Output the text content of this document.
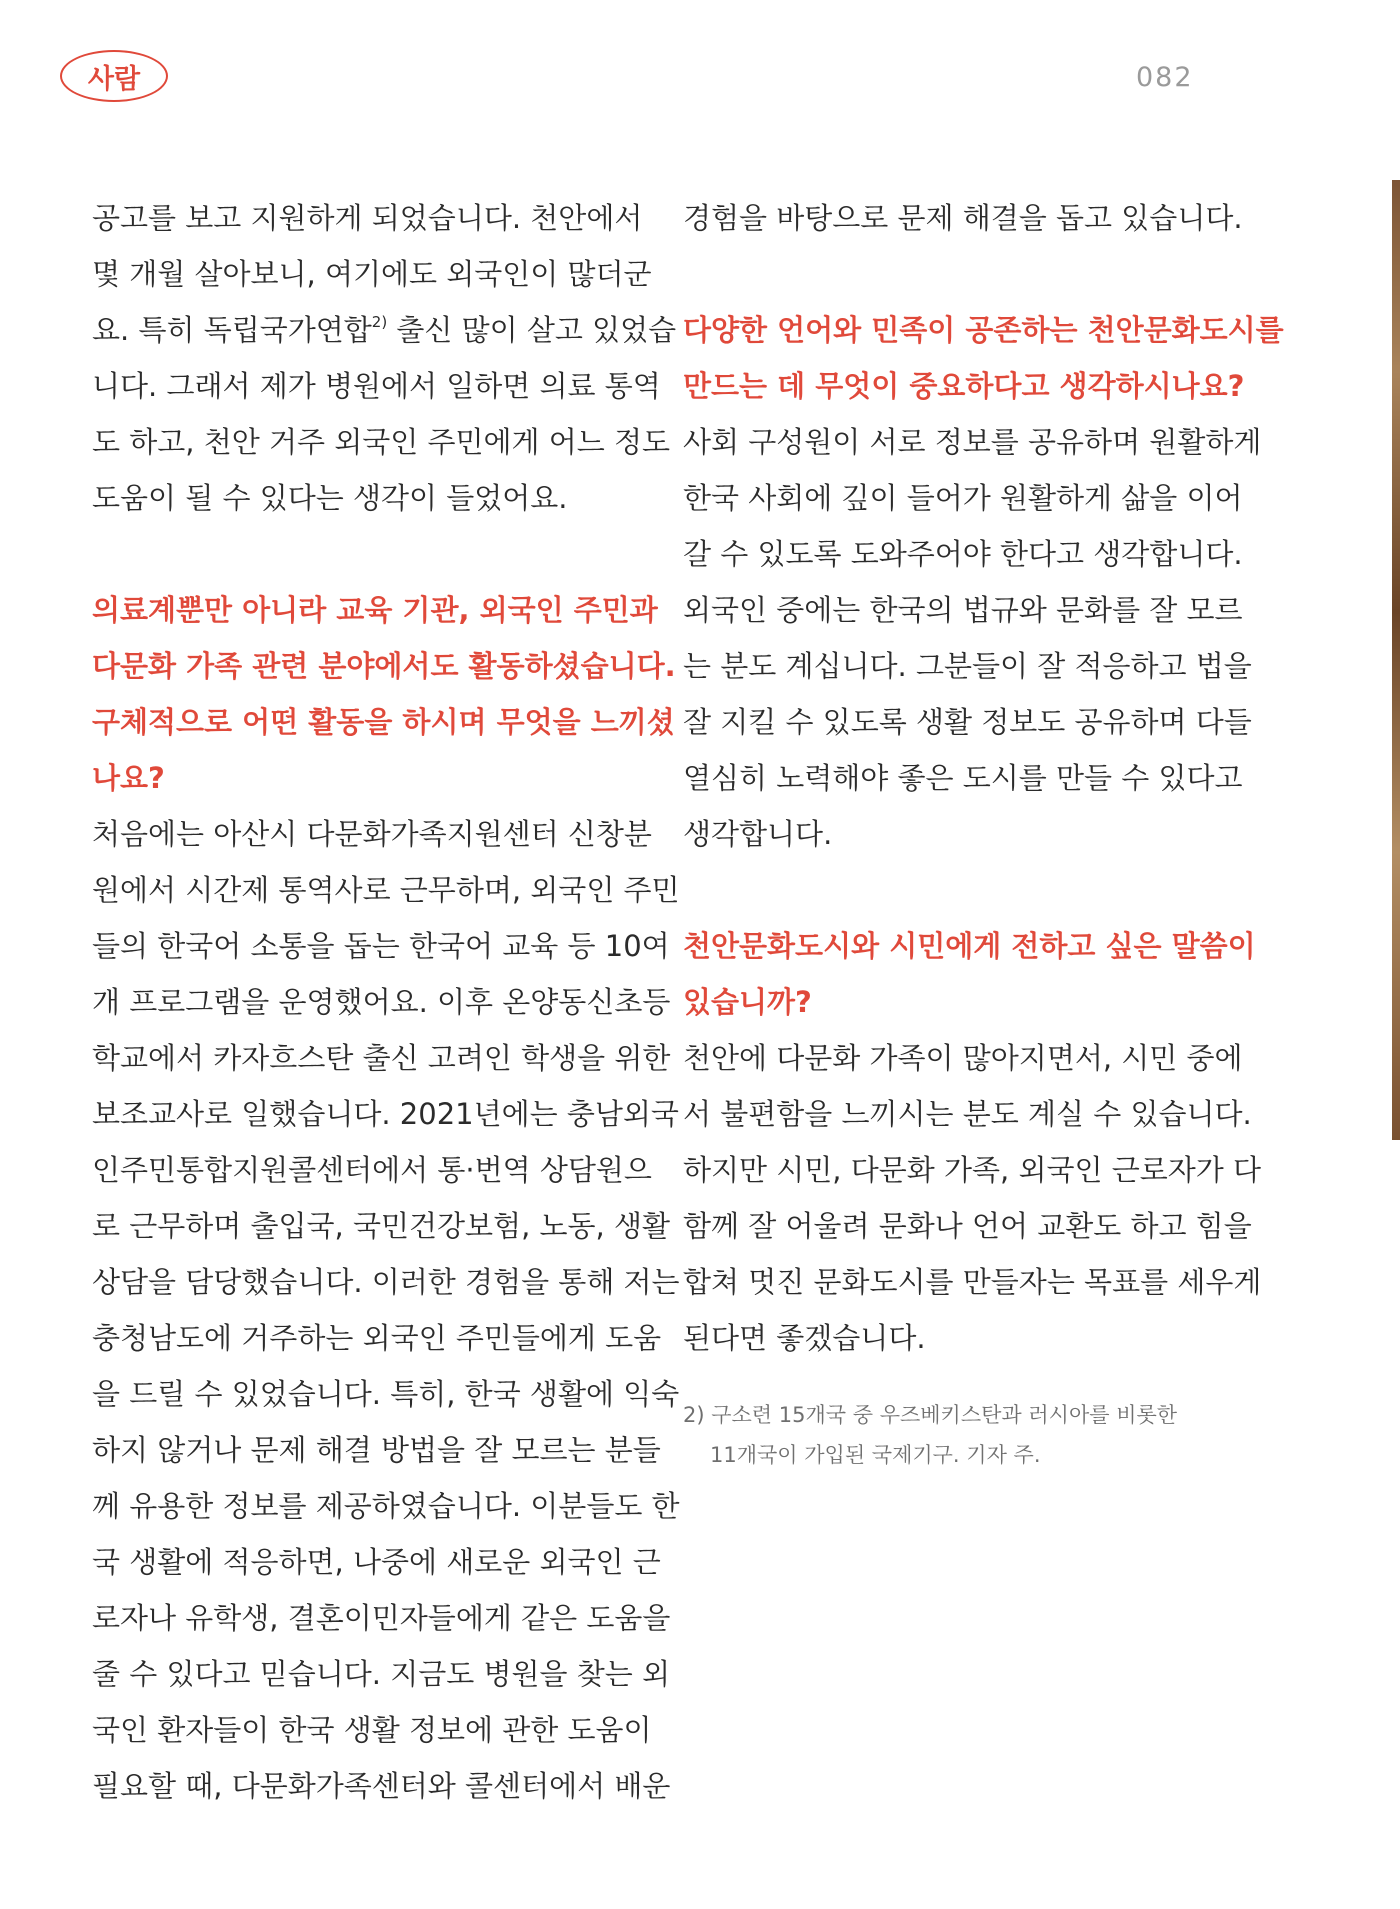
사람	082
공고를 보고 지원하게 되었습니다. 천안에서
몇 개월 살아보니, 여기에도 외국인이 많더군
요. 특히 독립국가연합$^{2)}$ 출신 많이 살고 있었습
니다. 그래서 제가 병원에서 일하면 의료 통역
도 하고, 천안 거주 외국인 주민에게 어느 정도
도움이 될 수 있다는 생각이 들었어요.
의료계뿐만 아니라 교육 기관, 외국인 주민과
다문화 가족 관련 분야에서도 활동하셨습니다.
구체적으로 어떤 활동을 하시며 무엇을 느끼셨
나요?
처음에는 아산시 다문화가족지원센터 신창분
원에서 시간제 통역사로 근무하며, 외국인 주민
들의 한국어 소통을 돕는 한국어 교육 등 10여
개 프로그램을 운영했어요. 이후 온양동신초등
학교에서 카자흐스탄 출신 고려인 학생을 위한
보조교사로 일했습니다. 2021년에는 충남외국
인주민통합지원콜센터에서 통·번역 상담원으
로 근무하며 출입국, 국민건강보험, 노동, 생활
상담을 담당했습니다. 이러한 경험을 통해 저는
충청남도에 거주하는 외국인 주민들에게 도움
을 드릴 수 있었습니다. 특히, 한국 생활에 익숙
하지 않거나 문제 해결 방법을 잘 모르는 분들
께 유용한 정보를 제공하였습니다. 이분들도 한
국 생활에 적응하면, 나중에 새로운 외국인 근
로자나 유학생, 결혼이민자들에게 같은 도움을
줄 수 있다고 믿습니다. 지금도 병원을 찾는 외
국인 환자들이 한국 생활 정보에 관한 도움이
필요할 때, 다문화가족센터와 콜센터에서 배운
경험을 바탕으로 문제 해결을 돕고 있습니다.
다양한 언어와 민족이 공존하는 천안문화도시를
만드는 데 무엇이 중요하다고 생각하시나요?
사회 구성원이 서로 정보를 공유하며 원활하게
한국 사회에 깊이 들어가 원활하게 삶을 이어
갈 수 있도록 도와주어야 한다고 생각합니다.
외국인 중에는 한국의 법규와 문화를 잘 모르
는 분도 계십니다. 그분들이 잘 적응하고 법을
잘 지킬 수 있도록 생활 정보도 공유하며 다들
열심히 노력해야 좋은 도시를 만들 수 있다고
생각합니다.
천안문화도시와 시민에게 전하고 싶은 말씀이
있습니까?
천안에 다문화 가족이 많아지면서, 시민 중에
서 불편함을 느끼시는 분도 계실 수 있습니다.
하지만 시민, 다문화 가족, 외국인 근로자가 다
함께 잘 어울려 문화나 언어 교환도 하고 힘을
합쳐 멋진 문화도시를 만들자는 목표를 세우게
된다면 좋겠습니다.
2) 구소련 15개국 중 우즈베키스탄과 러시아를 비롯한
11개국이 가입된 국제기구. 기자 주.
